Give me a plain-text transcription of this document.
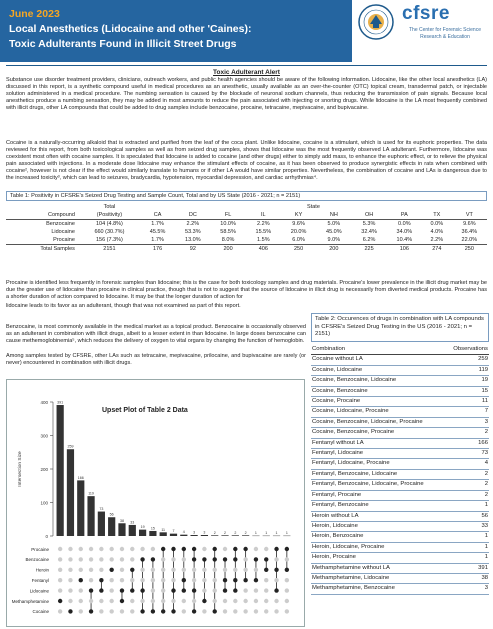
June 2023
Local Anesthetics (Lidocaine and other 'Caines):
Toxic Adulterants Found in Illicit Street Drugs
cfsre
The Center for Forensic Science Research & Education
Toxic Adulterant Alert
Substance use disorder treatment providers, clinicians, outreach workers, and public health agencies should be aware of the following information. Lidocaine, like the other local anesthetics (LA) discussed in this report, is a synthetic compound useful in medical procedures as an anesthetic, usually available as an over-the-counter (OTC) topical cream, transdermal patch, or injectable solution administered in a medical procedure. The numbing sensation is caused by the blockade of neuronal sodium channels, thus reducing the transmission of pain signals. Because local anesthetics produce a numbing sensation, they may be added in most amounts to reduce the pain associated with injecting or snorting drugs. While lidocaine is the LA most frequently combined with illicit drugs, other LA compounds that could be added to drug samples include benzocaine, procaine, tetracaine, mepivacaine, and bupivacaine.
Cocaine is a naturally-occurring alkaloid that is extracted and purified from the leaf of the coca plant. Unlike lidocaine, cocaine is a stimulant, which is used for its euphoric properties. The data reviewed for this report, from both toxicological samples as well as from seized drug samples, shows that lidocaine was the most frequently observed LA adulterant. Furthermore, lidocaine was coexistent most often with cocaine samples. It is speculated that lidocaine is added to cocaine (and other drugs) either to simply add mass, to enhance the euphoric effect, or to relieve the physical pain associated with injections. In a moderate dose lidocaine may enhance the stimulant effects of cocaine, as it has been observed to produce synergistic effects in rats when combined with cocaine², however is not clear if the effect would similarly translate to humans or if other LA would have similar properties. Nevertheless, the combination of cocaine and LAs is dangerous due to the increased toxicity³, which can lead to seizures, bradycardia, hypotension, myocardial depression, and cardiac arrhythmias⁴.
Table 1: Positivity in CFSRE's Seized Drug Testing and Sample Count, Total and by US State (2016 - 2021; n = 2151)
	Total	State									
Compound	(Positivity)	CA	DC	FL	IL	KY	NH	OH	PA	TX	VT
Benzocaine	104 (4.8%)	1.7%	2.2%	10.0%	2.2%	9.6%	5.0%	5.3%	0.0%	0.0%	9.6%
Lidocaine	660 (30.7%)	45.5%	53.3%	58.5%	15.5%	20.0%	45.0%	32.4%	34.0%	4.0%	36.4%
Procaine	156 (7.3%)	1.7%	13.0%	8.0%	1.5%	6.0%	9.0%	6.2%	10.4%	2.2%	22.0%
Total Samples	2151	176	92	200	406	250	200	225	106	274	250
Procaine is identified less frequently in forensic samples than lidocaine; this is the case for both toxicology samples and drug materials. Procaine's lower prevalence in the illicit drug market may be due the greater use of lidocaine than procaine in clinical practice, though that is not to suggest that the source of lidocaine in illicit drug is necessarily from diverted medical products. Procaine has a shorter duration of action compared to lidocaine. It may be that the longer duration of action for
lidocaine leads to its favor as an adulterant, though that was not examined as part of this report.
Benzocaine, is most commonly available in the medical market as a topical product. Benzocaine is occasionally observed as an adulterant in combination with illicit drugs, albeit to a lesser extent in than lidocaine. In large doses benzocaine can cause methemoglobinemia⁵, which reduces the delivery of oxygen to vital organs by changing the function of hemoglobin.
Among samples tested by CFSRE, other LAs such as tetracaine, mepivacaine, prilocaine, and bupivacaine are rarely (or never) encountered in combination with illicit drugs.
Upset Plot of Table 2 Data
0
100
200
300
400
Intersection Size
391
259
166
119
73
56
38 33
19 15 11 7 4 3 3 2 2 2 2 1 1 1 1
Procaine
Benzocaine
Heroin
Fentanyl
Lidocaine
Methamphetamine
Cocaine
Table 2: Occurences of drugs in combination with LA compounds in CFSRE's Seized Drug Testing in the US (2016 - 2021; n = 2151)
Combination	Observations
Cocaine without LA	259
Cocaine, Lidocaine	119
Cocaine, Benzocaine, Lidocaine	19
Cocaine, Benzocaine	15
Cocaine, Procaine	11
Cocaine, Lidocaine, Procaine	7
Cocaine, Benzocaine, Lidocaine, Procaine	3
Cocaine, Benzocaine, Procaine	2
Fentanyl without LA	166
Fentanyl, Lidocaine	73
Fentanyl, Lidocaine, Procaine	4
Fentanyl, Benzocaine, Lidocaine	2
Fentanyl, Benzocaine, Lidocaine, Procaine	2
Fentanyl, Procaine	2
Fentanyl, Benzocaine	1
Heroin without LA	56
Heroin, Lidocaine	33
Heroin, Benzocaine	1
Heroin, Lidocaine, Procaine	1
Heroin, Procaine	1
Methamphetamine without LA	391
Methamphetamine, Lidocaine	38
Methamphetamine, Benzocaine	3
